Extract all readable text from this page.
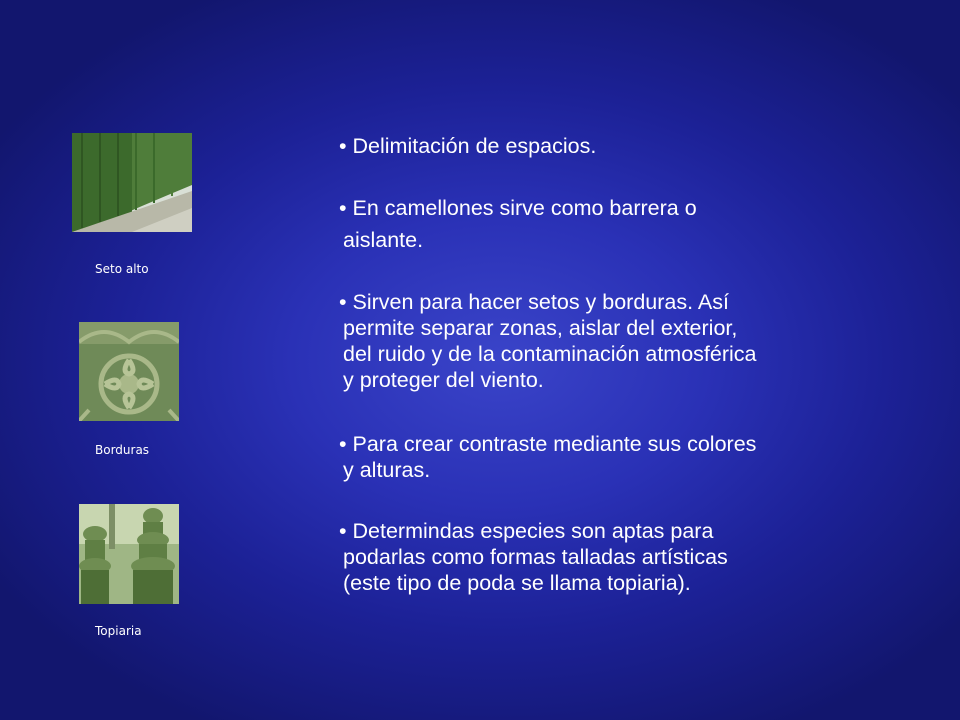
Seto alto
Borduras
Topiaria

• Delimitación de espacios.

• En camellones sirve como barrera o

aislante.

• Sirven para hacer setos y borduras. Así

permite separar zonas, aislar del exterior,

del ruido y de la contaminación atmosférica

y proteger del viento.

• Para crear contraste mediante sus colores

y alturas.

• Determindas especies son aptas para

podarlas como formas talladas artísticas

(este tipo de poda se llama topiaria).
